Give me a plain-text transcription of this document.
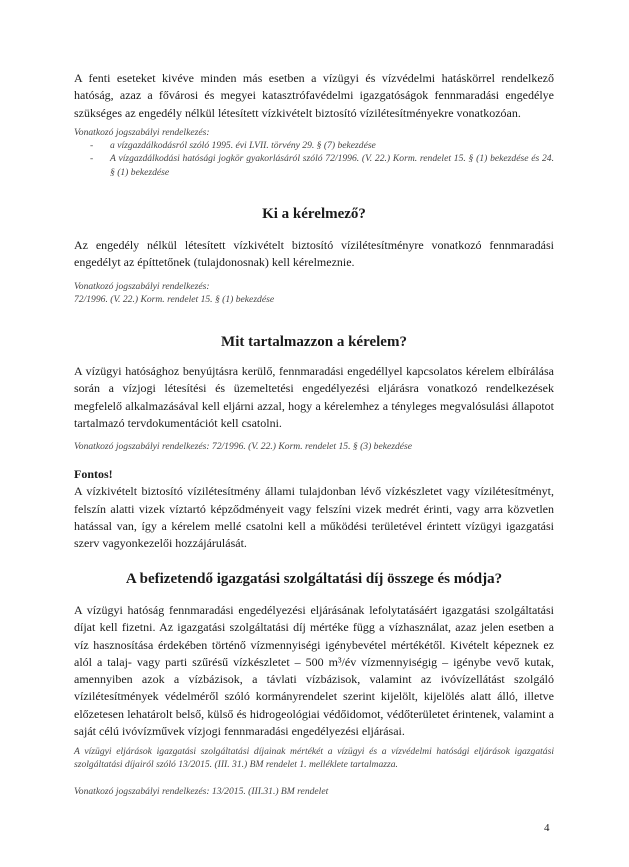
A fenti eseteket kivéve minden más esetben a vízügyi és vízvédelmi hatáskörrel rendelkező hatóság, azaz a fővárosi és megyei katasztrófavédelmi igazgatóságok fennmaradási engedélye szükséges az engedély nélkül létesített vízkivételt biztosító vízilétesítményekre vonatkozóan.

Vonatkozó jogszabályi rendelkezés:
- a vízgazdálkodásról szóló 1995. évi LVII. törvény 29. § (7) bekezdése
- A vízgazdálkodási hatósági jogkör gyakorlásáról szóló 72/1996. (V. 22.) Korm. rendelet 15. § (1) bekezdése és 24. § (1) bekezdése
Ki a kérelmező?

Az engedély nélkül létesített vízkivételt biztosító vízilétesítményre vonatkozó fennmaradási engedélyt az építtetőnek (tulajdonosnak) kell kérelmeznie.

Vonatkozó jogszabályi rendelkezés:
72/1996. (V. 22.) Korm. rendelet 15. § (1) bekezdése
Mit tartalmazzon a kérelem?

A vízügyi hatósághoz benyújtásra kerülő, fennmaradási engedéllyel kapcsolatos kérelem elbírálása során a vízjogi létesítési és üzemeltetési engedélyezési eljárásra vonatkozó rendelkezések megfelelő alkalmazásával kell eljárni azzal, hogy a kérelemhez a tényleges megvalósulási állapotot tartalmazó tervdokumentációt kell csatolni.

Vonatkozó jogszabályi rendelkezés: 72/1996. (V. 22.) Korm. rendelet 15. § (3) bekezdése
Fontos!
A vízkivételt biztosító vízilétesítmény állami tulajdonban lévő vízkészletet vagy vízilétesítményt, felszín alatti vizek víztartó képződményeit vagy felszíni vizek medrét érinti, vagy arra közvetlen hatással van, így a kérelem mellé csatolni kell a működési területével érintett vízügyi igazgatási szerv vagyonkezelői hozzájárulását.
A befizetendő igazgatási szolgáltatási díj összege és módja?

A vízügyi hatóság fennmaradási engedélyezési eljárásának lefolytatásáért igazgatási szolgáltatási díjat kell fizetni. Az igazgatási szolgáltatási díj mértéke függ a vízhasználat, azaz jelen esetben a víz hasznosítása érdekében történő vízmennyiségi igénybevétel mértékétől. Kivételt képeznek ez alól a talaj- vagy parti szűrésű vízkészletet – 500 m³/év vízmennyiségig – igénybe vevő kutak, amennyiben azok a vízbázisok, a távlati vízbázisok, valamint az ivóvízellátást szolgáló vízilétesítmények védelméről szóló kormányrendelet szerint kijelölt, kijelölés alatt álló, illetve előzetesen lehatárolt belső, külső és hidrogeológiai védőidomot, védőterületet érintenek, valamint a saját célú ivóvízművek vízjogi fennmaradási engedélyezési eljárásai.

A vízügyi eljárások igazgatási szolgáltatási díjainak mértékét a vízügyi és a vízvédelmi hatósági eljárások igazgatási szolgáltatási díjairól szóló 13/2015. (III. 31.) BM rendelet 1. melléklete tartalmazza.
Vonatkozó jogszabályi rendelkezés: 13/2015. (III.31.) BM rendelet
4
